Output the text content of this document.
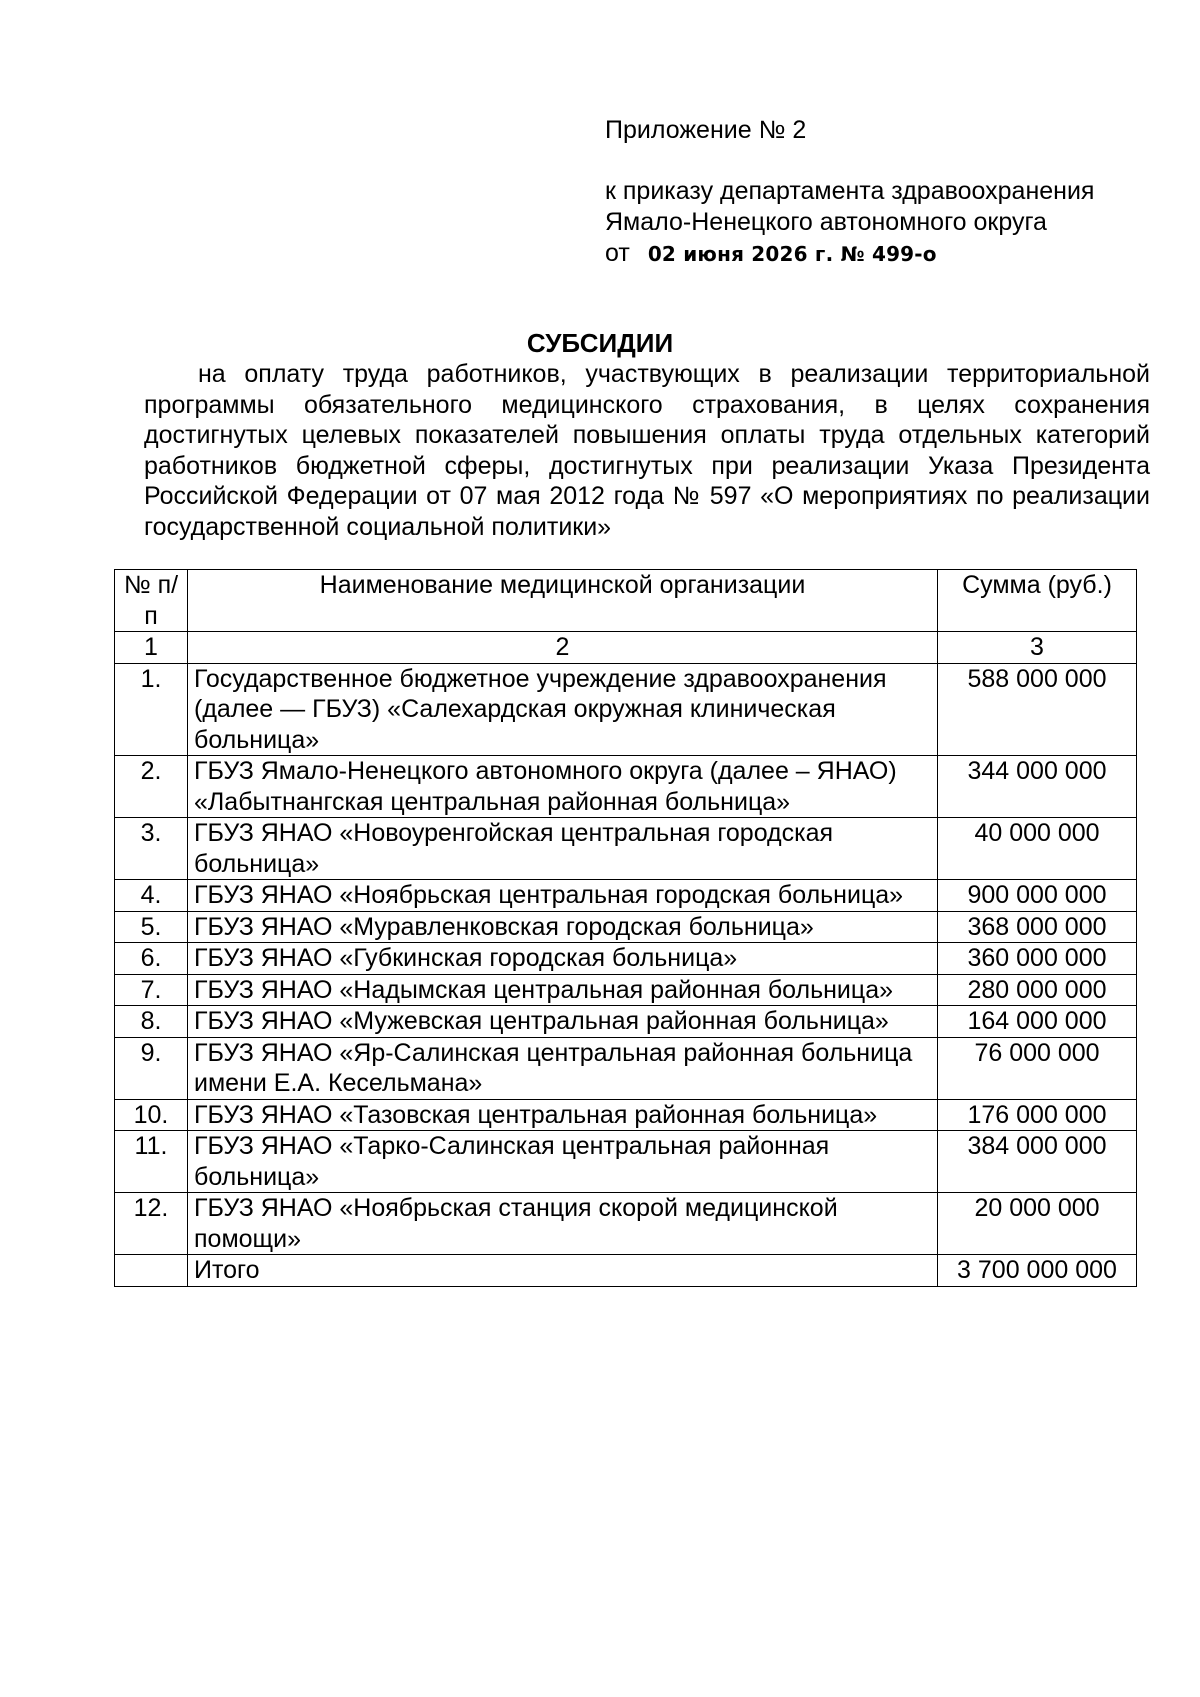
Приложение № 2
к приказу департамента здравоохранения
Ямало-Ненецкого автономного округа
от 02 июня 2026 г. № 499-о
СУБСИДИИ
на оплату труда работников, участвующих в реализации территориальной программы обязательного медицинского страхования, в целях сохранения достигнутых целевых показателей повышения оплаты труда отдельных категорий работников бюджетной сферы, достигнутых при реализации Указа Президента Российской Федерации от 07 мая 2012 года № 597 «О мероприятиях по реализации государственной социальной политики»
№ п/п	Наименование медицинской организации	Сумма (руб.)
1	2	3
1.	Государственное бюджетное учреждение здравоохранения (далее — ГБУЗ) «Салехардская окружная клиническая больница»	588 000 000
2.	ГБУЗ Ямало-Ненецкого автономного округа (далее – ЯНАО) «Лабытнангская центральная районная больница»	344 000 000
3.	ГБУЗ ЯНАО «Новоуренгойская центральная городская больница»	40 000 000
4.	ГБУЗ ЯНАО «Ноябрьская центральная городская больница»	900 000 000
5.	ГБУЗ ЯНАО «Муравленковская городская больница»	368 000 000
6.	ГБУЗ ЯНАО «Губкинская городская больница»	360 000 000
7.	ГБУЗ ЯНАО «Надымская центральная районная больница»	280 000 000
8.	ГБУЗ ЯНАО «Мужевская центральная районная больница»	164 000 000
9.	ГБУЗ ЯНАО «Яр-Салинская центральная районная больница имени Е.А. Кесельмана»	76 000 000
10.	ГБУЗ ЯНАО «Тазовская центральная районная больница»	176 000 000
11.	ГБУЗ ЯНАО «Тарко-Салинская центральная районная больница»	384 000 000
12.	ГБУЗ ЯНАО «Ноябрьская станция скорой медицинской помощи»	20 000 000
	Итого	3 700 000 000
